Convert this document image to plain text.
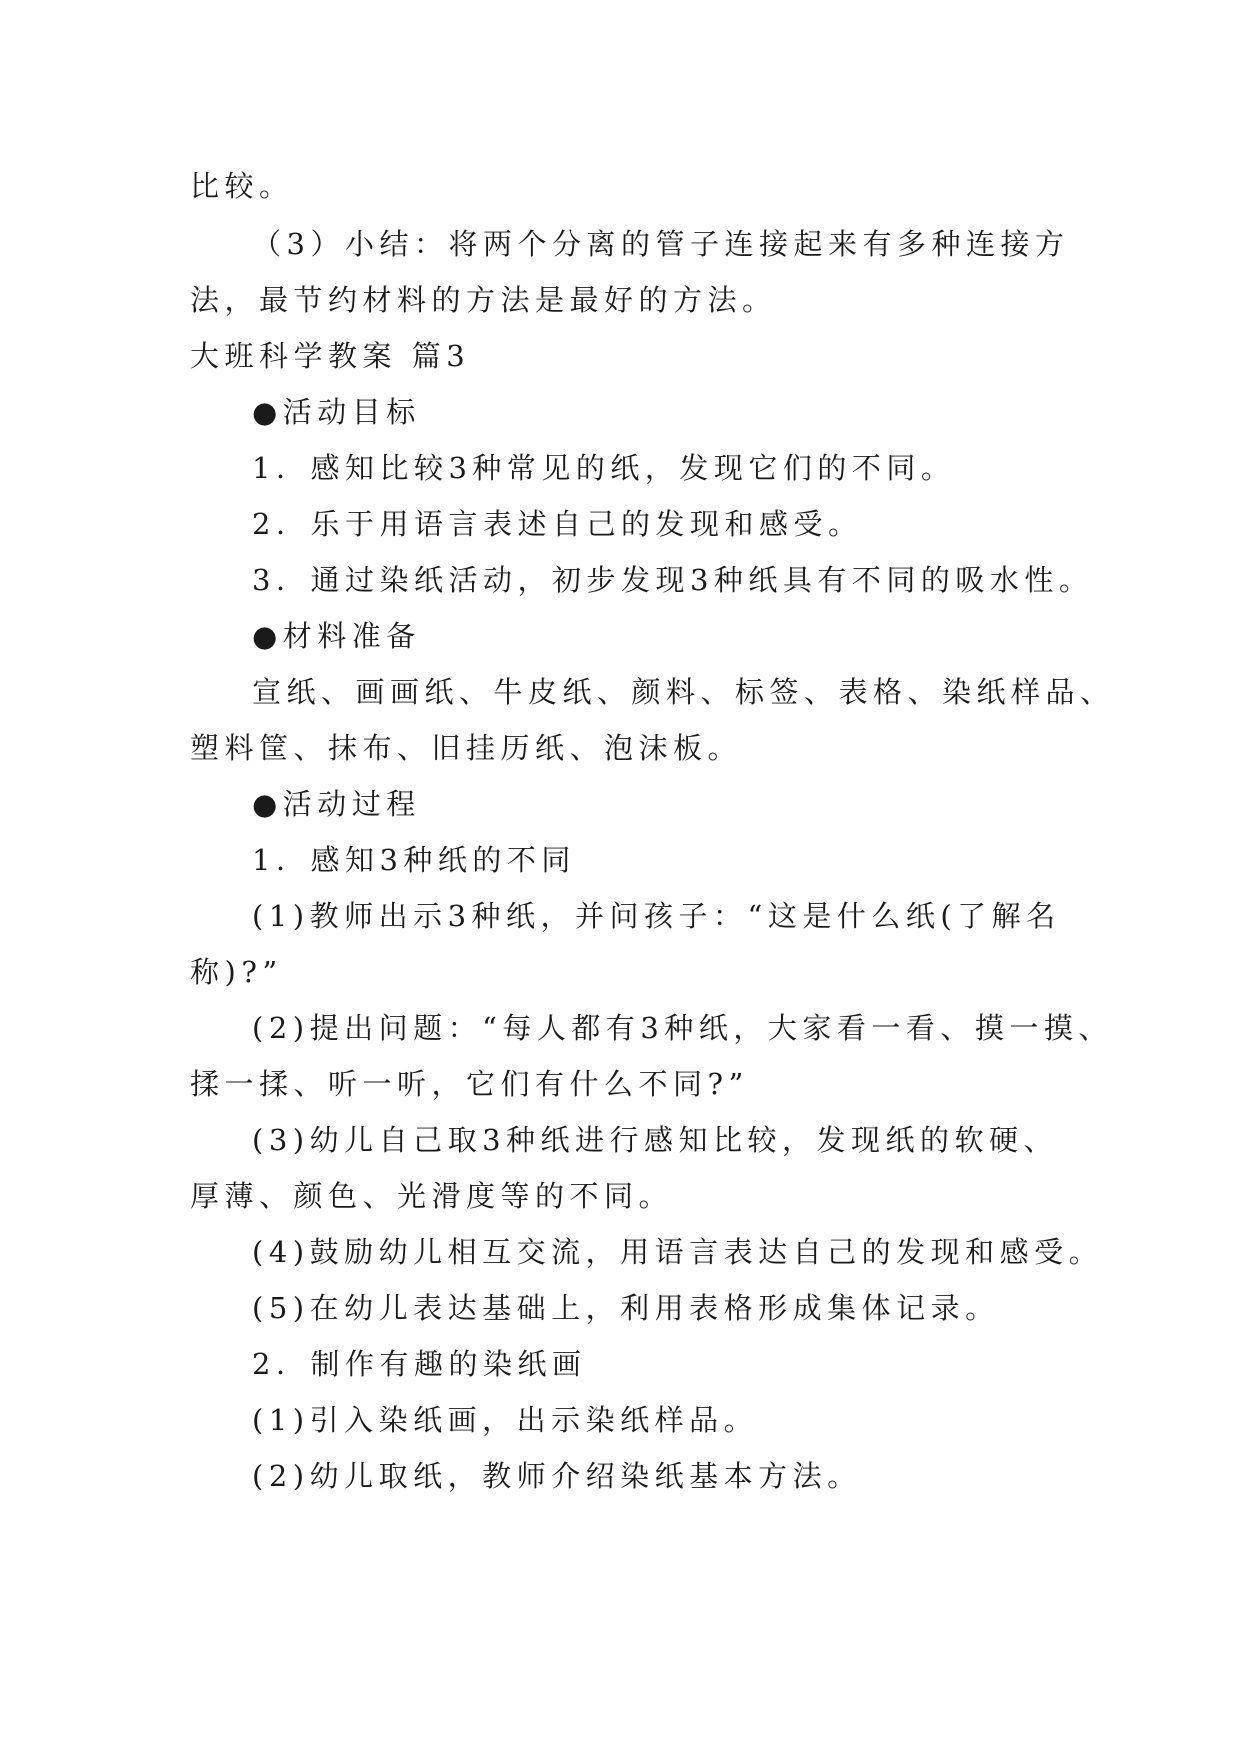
比较。
（3）小结：将两个分离的管子连接起来有多种连接方
法，最节约材料的方法是最好的方法。
大班科学教案 篇3
●活动目标
1．感知比较3种常见的纸，发现它们的不同。
2．乐于用语言表述自己的发现和感受。
3．通过染纸活动，初步发现3种纸具有不同的吸水性。
●材料准备
宣纸、画画纸、牛皮纸、颜料、标签、表格、染纸样品、
塑料筐、抹布、旧挂历纸、泡沫板。
●活动过程
1．感知3种纸的不同
(1)教师出示3种纸，并问孩子：“这是什么纸(了解名
称)?”
(2)提出问题：“每人都有3种纸，大家看一看、摸一摸、
揉一揉、听一听，它们有什么不同?”
(3)幼儿自己取3种纸进行感知比较，发现纸的软硬、
厚薄、颜色、光滑度等的不同。
(4)鼓励幼儿相互交流，用语言表达自己的发现和感受。
(5)在幼儿表达基础上，利用表格形成集体记录。
2．制作有趣的染纸画
(1)引入染纸画，出示染纸样品。
(2)幼儿取纸，教师介绍染纸基本方法。
